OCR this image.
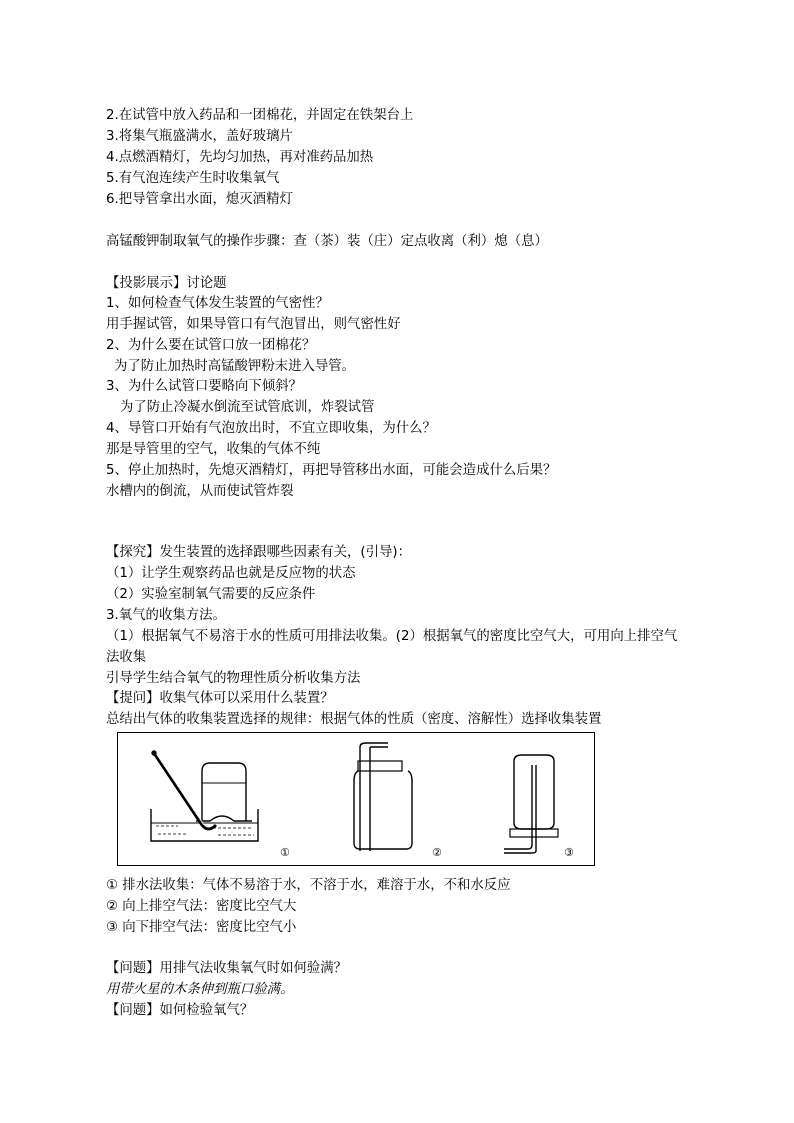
2.在试管中放入药品和一团棉花，并固定在铁架台上
3.将集气瓶盛满水，盖好玻璃片
4.点燃酒精灯，先均匀加热，再对准药品加热
5.有气泡连续产生时收集氧气
6.把导管拿出水面，熄灭酒精灯
高锰酸钾制取氧气的操作步骤：查（茶）装（庄）定点收离（利）熄（息）
【投影展示】讨论题
1、如何检查气体发生装置的气密性？
用手握试管，如果导管口有气泡冒出，则气密性好
2、为什么要在试管口放一团棉花？
为了防止加热时高锰酸钾粉末进入导管。
3、为什么试管口要略向下倾斜？
为了防止冷凝水倒流至试管底训，炸裂试管
4、导管口开始有气泡放出时，不宜立即收集，为什么？
那是导管里的空气，收集的气体不纯
5、停止加热时，先熄灭酒精灯，再把导管移出水面，可能会造成什么后果？
水槽内的倒流，从而使试管炸裂
【探究】发生装置的选择跟哪些因素有关，(引导)：
（1）让学生观察药品也就是反应物的状态
（2）实验室制氧气需要的反应条件
3.氧气的收集方法。
（1）根据氧气不易溶于水的性质可用排法收集。(2）根据氧气的密度比空气大，可用向上排空气
法收集
引导学生结合氧气的物理性质分析收集方法
【提问】收集气体可以采用什么装置？
总结出气体的收集装置选择的规律：根据气体的性质（密度、溶解性）选择收集装置
①	②	③
① 排水法收集：气体不易溶于水，不溶于水，难溶于水，不和水反应
② 向上排空气法：密度比空气大
③ 向下排空气法：密度比空气小
【问题】用排气法收集氧气时如何验满？
用带火星的木条伸到瓶口验满。
【问题】如何检验氧气？
